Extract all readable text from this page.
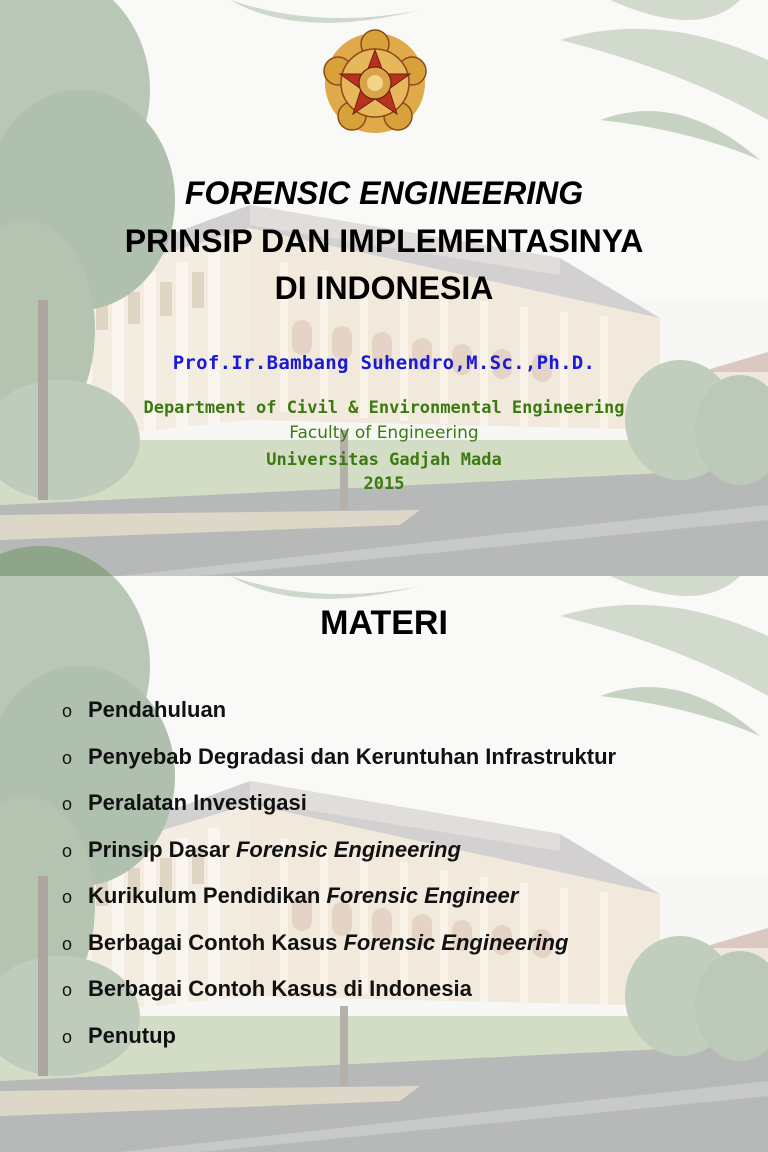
FORENSIC ENGINEERING
PRINSIP DAN IMPLEMENTASINYA
DI INDONESIA
Prof.Ir.Bambang Suhendro,M.Sc.,Ph.D.
Department of Civil & Environmental Engineering
Faculty of Engineering
Universitas Gadjah Mada
2015
MATERI
o Pendahuluan
o Penyebab Degradasi dan Keruntuhan Infrastruktur
o Peralatan Investigasi
o Prinsip Dasar Forensic Engineering
o Kurikulum Pendidikan Forensic Engineer
o Berbagai Contoh Kasus Forensic Engineering
o Berbagai Contoh Kasus di Indonesia
o Penutup
